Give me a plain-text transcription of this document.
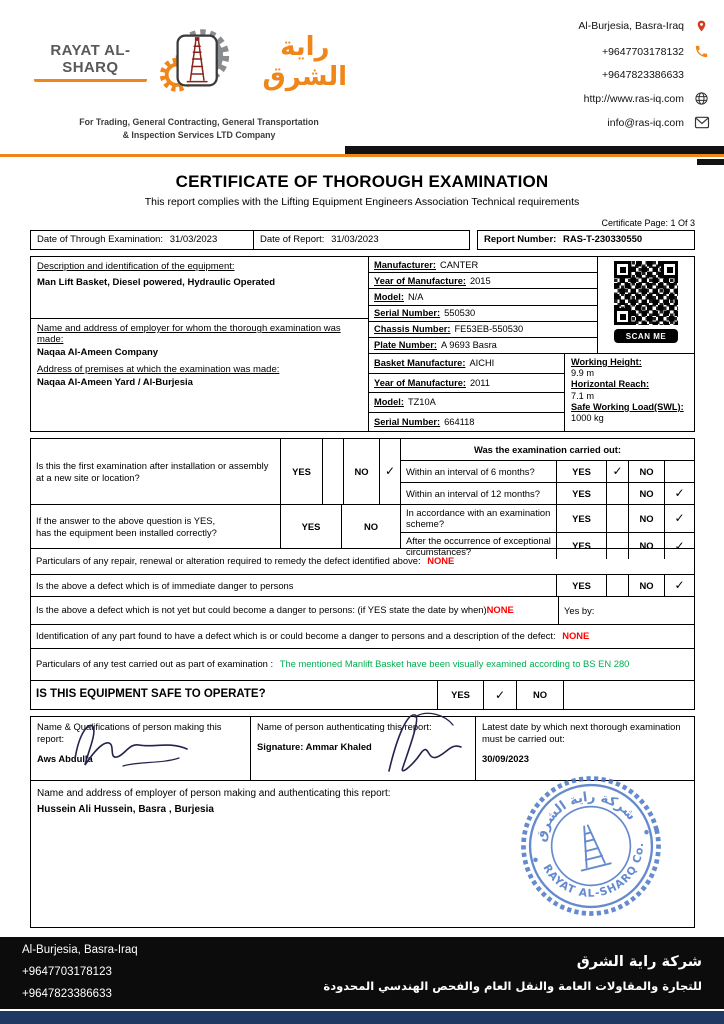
RAYAT AL-SHARQ
راية الشرق
For Trading, General Contracting, General Transportation
& Inspection Services LTD Company
Al-Burjesia, Basra-Iraq
+9647703178132
+9647823386633
http://www.ras-iq.com
info@ras-iq.com
CERTIFICATE OF THOROUGH EXAMINATION
This report complies with the Lifting Equipment Engineers Association Technical requirements
Certificate Page: 1 Of 3
Date of Through Examination: 31/03/2023	Date of Report: 31/03/2023	Report Number: RAS-T-230330550
Description and identification of the equipment:
Man Lift Basket, Diesel powered, Hydraulic Operated
Name and address of employer for whom the thorough examination was made:
Naqaa Al-Ameen Company
Address of premises at which the examination was made:
Naqaa Al-Ameen Yard / Al-Burjesia
Manufacturer: CANTER
Year of Manufacture: 2015
Model: N/A
Serial Number: 550530
Chassis Number: FE53EB-550530
Plate Number: A 9693 Basra
SCAN ME
Basket Manufacture: AICHI
Year of Manufacture: 2011
Model: TZ10A
Serial Number: 664118
Working Height:
9.9 m
Horizontal Reach:
7.1 m
Safe Working Load(SWL):
1000 kg
Is this the first examination after installation or assembly at a new site or location?
YES	NO	✓
Was the examination carried out:
Within an interval of 6 months?	YES	✓	NO
Within an interval of 12 months?	YES	NO	✓
If the answer to the above question is YES,
has the equipment been installed correctly?
YES	NO
In accordance with an examination scheme?
YES	NO	✓
After the occurrence of exceptional circumstances?
YES	NO	✓
Particulars of any repair, renewal or alteration required to remedy the defect identified above: NONE
Is the above a defect which is of immediate danger to persons	YES	NO	✓
Is the above a defect which is not yet but could become a danger to persons: (if YES state the date by when)NONE	Yes by:
Identification of any part found to have a defect which is or could become a danger to persons and a description of the defect: NONE
Particulars of any test carried out as part of examination : The mentioned Manlift Basket have been visually examined according to BS EN 280
IS THIS EQUIPMENT SAFE TO OPERATE?	YES	✓	NO
Name & Qualifications of person making this report:
Aws Abdulla
Name of person authenticating this report:
Signature: Ammar Khaled
Latest date by which next thorough examination must be carried out:
30/09/2023
Name and address of employer of person making and authenticating this report:
Hussein Ali Hussein, Basra , Burjesia
شركة راية الشرق
RAYAT AL-SHARQ Co.
Al-Burjesia, Basra-Iraq
+9647703178123
+9647823386633
شركة راية الشرق
للتجارة والمقاولات العامة والنقل العام والفحص الهندسي المحدودة
